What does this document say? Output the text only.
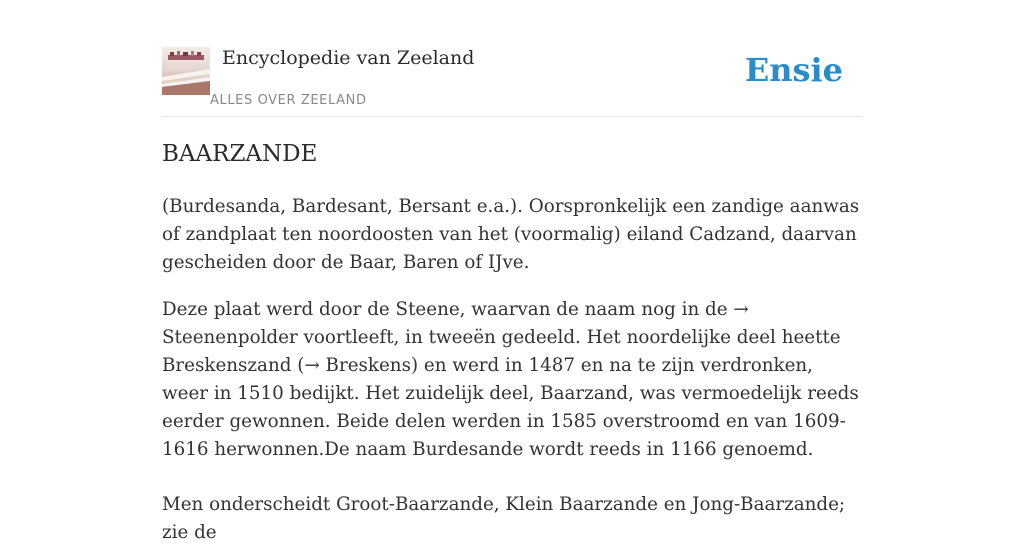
Encyclopedie van Zeeland
ALLES OVER ZEELAND
Ensie
BAARZANDE

(Burdesanda, Bardesant, Bersant e.a.). Oorspronkelijk een zandige aanwas of zandplaat ten noordoosten van het (voormalig) eiland Cadzand, daarvan gescheiden door de Baar, Baren of IJve.

Deze plaat werd door de Steene, waarvan de naam nog in de → Steenenpolder voortleeft, in tweeën gedeeld. Het noordelijke deel heette Breskenszand (→ Breskens) en werd in 1487 en na te zijn verdronken, weer in 1510 bedijkt. Het zuidelijk deel, Baarzand, was vermoedelijk reeds eerder gewonnen. Beide delen werden in 1585 overstroomd en van 1609-1616 herwonnen.De naam Burdesande wordt reeds in 1166 genoemd.

Men onderscheidt Groot-Baarzande, Klein Baarzande en Jong-Baarzande; zie de
